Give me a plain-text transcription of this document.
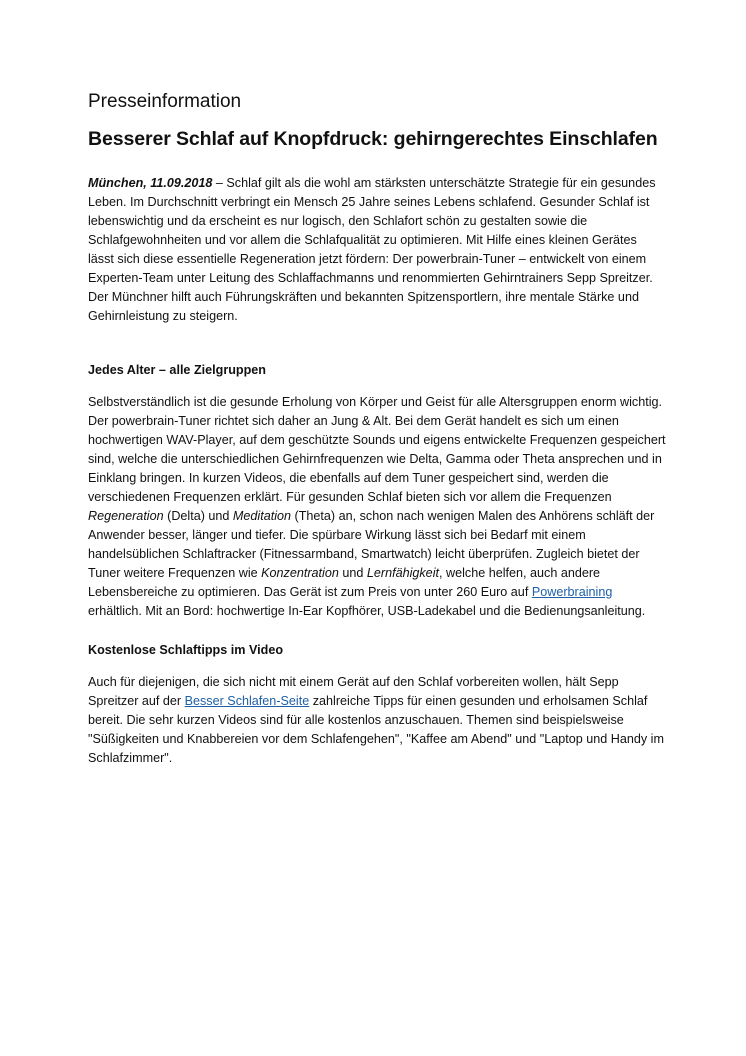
Presseinformation
Besserer Schlaf auf Knopfdruck: gehirngerechtes Einschlafen

München, 11.09.2018 – Schlaf gilt als die wohl am stärksten unterschätzte Strategie für ein gesundes Leben. Im Durchschnitt verbringt ein Mensch 25 Jahre seines Lebens schlafend. Gesunder Schlaf ist lebenswichtig und da erscheint es nur logisch, den Schlafort schön zu gestalten sowie die Schlafgewohnheiten und vor allem die Schlafqualität zu optimieren. Mit Hilfe eines kleinen Gerätes lässt sich diese essentielle Regeneration jetzt fördern: Der powerbrain-Tuner – entwickelt von einem Experten-Team unter Leitung des Schlaffachmanns und renommierten Gehirntrainers Sepp Spreitzer. Der Münchner hilft auch Führungskräften und bekannten Spitzensportlern, ihre mentale Stärke und Gehirnleistung zu steigern.

Jedes Alter – alle Zielgruppen

Selbstverständlich ist die gesunde Erholung von Körper und Geist für alle Altersgruppen enorm wichtig. Der powerbrain-Tuner richtet sich daher an Jung & Alt. Bei dem Gerät handelt es sich um einen hochwertigen WAV-Player, auf dem geschützte Sounds und eigens entwickelte Frequenzen gespeichert sind, welche die unterschiedlichen Gehirnfrequenzen wie Delta, Gamma oder Theta ansprechen und in Einklang bringen. In kurzen Videos, die ebenfalls auf dem Tuner gespeichert sind, werden die verschiedenen Frequenzen erklärt. Für gesunden Schlaf bieten sich vor allem die Frequenzen Regeneration (Delta) und Meditation (Theta) an, schon nach wenigen Malen des Anhörens schläft der Anwender besser, länger und tiefer. Die spürbare Wirkung lässt sich bei Bedarf mit einem handelsüblichen Schlaftracker (Fitnessarmband, Smartwatch) leicht überprüfen. Zugleich bietet der Tuner weitere Frequenzen wie Konzentration und Lernfähigkeit, welche helfen, auch andere Lebensbereiche zu optimieren. Das Gerät ist zum Preis von unter 260 Euro auf Powerbraining erhältlich. Mit an Bord: hochwertige In-Ear Kopfhörer, USB-Ladekabel und die Bedienungsanleitung.

Kostenlose Schlaftipps im Video

Auch für diejenigen, die sich nicht mit einem Gerät auf den Schlaf vorbereiten wollen, hält Sepp Spreitzer auf der Besser Schlafen-Seite zahlreiche Tipps für einen gesunden und erholsamen Schlaf bereit. Die sehr kurzen Videos sind für alle kostenlos anzuschauen. Themen sind beispielsweise "Süßigkeiten und Knabbereien vor dem Schlafengehen", "Kaffee am Abend" und "Laptop und Handy im Schlafzimmer".
